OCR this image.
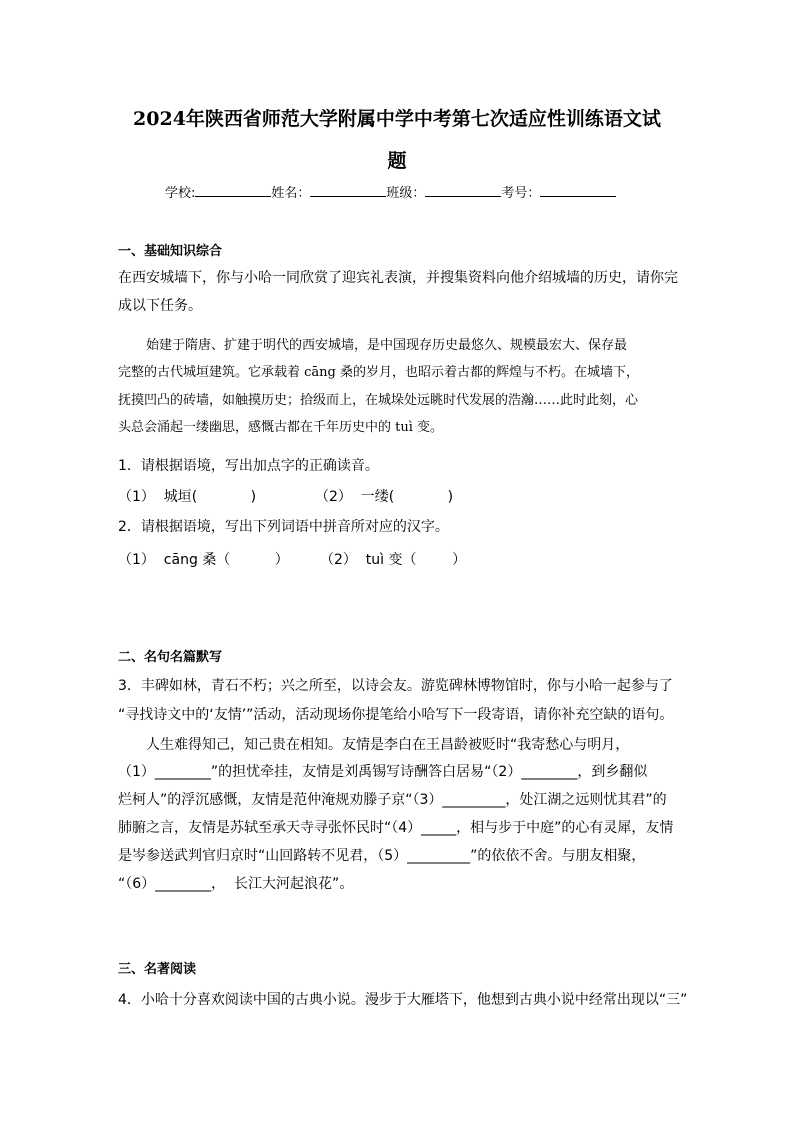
2024年陕西省师范大学附属中学中考第七次适应性训练语文试
题
学校:	姓名：	班级：	考号：
一、基础知识综合
在西安城墙下，你与小哈一同欣赏了迎宾礼表演，并搜集资料向他介绍城墙的历史，请你完
成以下任务。
始建于隋唐、扩建于明代的西安城墙，是中国现存历史最悠久、规模最宏大、保存最
完整的古代城垣建筑。它承载着 cāng 桑的岁月，也昭示着古都的辉煌与不朽。在城墙下，
抚摸凹凸的砖墙，如触摸历史；拾级而上，在城垛处远眺时代发展的浩瀚……此时此刻，心
头总会涌起一缕幽思，感慨古都在千年历史中的 tuì 变。
1．请根据语境，写出加点字的正确读音。
（1）  城垣(            )	（2）  一缕(            )
2．请根据语境，写出下列词语中拼音所对应的汉字。
（1）  cāng 桑（          ） （2）  tuì 变（        ）
二、名句名篇默写
3．丰碑如林，青石不朽；兴之所至，以诗会友。游览碑林博物馆时，你与小哈一起参与了
“寻找诗文中的‘友情’”活动，活动现场你提笔给小哈写下一段寄语，请你补充空缺的语句。
人生难得知己，知己贵在相知。友情是李白在王昌龄被贬时“我寄愁心与明月，
（1）________”的担忧牵挂，友情是刘禹锡写诗酬答白居易“（2）________，到乡翻似
烂柯人”的浮沉感慨，友情是范仲淹规劝滕子京“（3）_________，处江湖之远则忧其君”的
肺腑之言，友情是苏轼至承天寺寻张怀民时“（4）_____，相与步于中庭”的心有灵犀，友情
是岑参送武判官归京时“山回路转不见君，（5）_________”的依依不舍。与朋友相聚，
“（6）________，  长江大河起浪花”。
三、名著阅读
4．小哈十分喜欢阅读中国的古典小说。漫步于大雁塔下，他想到古典小说中经常出现以“三”
